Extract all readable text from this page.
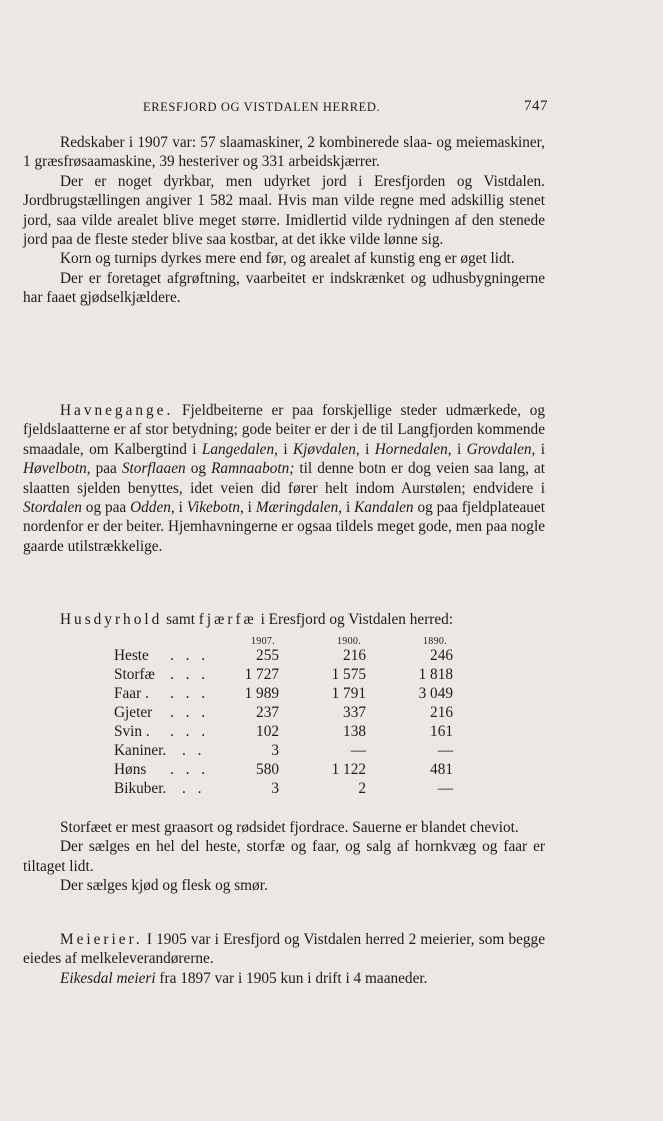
ERESFJORD OG VISTDALEN HERRED.	747

Redskaber i 1907 var: 57 slaamaskiner, 2 kombinerede slaa- og meiemaskiner, 1 græsfrøsaamaskine, 39 hesteriver og 331 arbeidskjærrer.

Der er noget dyrkbar, men udyrket jord i Eresfjorden og Vistdalen. Jordbrugstællingen angiver 1 582 maal. Hvis man vilde regne med adskillig stenet jord, saa vilde arealet blive meget større. Imidlertid vilde rydningen af den stenede jord paa de fleste steder blive saa kostbar, at det ikke vilde lønne sig.

Korn og turnips dyrkes mere end før, og arealet af kunstig eng er øget lidt.

Der er foretaget afgrøftning, vaarbeitet er indskrænket og udhusbygningerne har faaet gjødselkjældere.

Havnegange. Fjeldbeiterne er paa forskjellige steder udmærkede, og fjeldslaatterne er af stor betydning; gode beiter er der i de til Langfjorden kommende smaadale, om Kalbergtind i Langedalen, i Kjøvdalen, i Hornedalen, i Grovdalen, i Høvelbotn, paa Storflaaen og Ramnaabotn; til denne botn er dog veien saa lang, at slaatten sjelden benyttes, idet veien did fører helt indom Aurstølen; endvidere i Stordalen og paa Odden, i Vikebotn, i Mæringdalen, i Kandalen og paa fjeldplateauet nordenfor er der beiter. Hjemhavningerne er ogsaa tildels meget gode, men paa nogle gaarde utilstrækkelige.

Husdyrhold samt fjærfæ i Eresfjord og Vistdalen herred:
1907.	1900.	1890.
Heste . . .	255	216	246
Storfæ . . .	1 727	1 575	1 818
Faar . . . .	1 989	1 791	3 049
Gjeter . . .	237	337	216
Svin . . . .	102	138	161
Kaniner. . .	3	—	—
Høns . . .	580	1 122	481
Bikuber. . .	3	2	—

Storfæet er mest graasort og rødsidet fjordrace. Sauerne er blandet cheviot.

Der sælges en hel del heste, storfæ og faar, og salg af hornkvæg og faar er tiltaget lidt.

Der sælges kjød og flesk og smør.

Meierier. I 1905 var i Eresfjord og Vistdalen herred 2 meierier, som begge eiedes af melkeleverandørerne.

Eikesdal meieri fra 1897 var i 1905 kun i drift i 4 maaneder.
